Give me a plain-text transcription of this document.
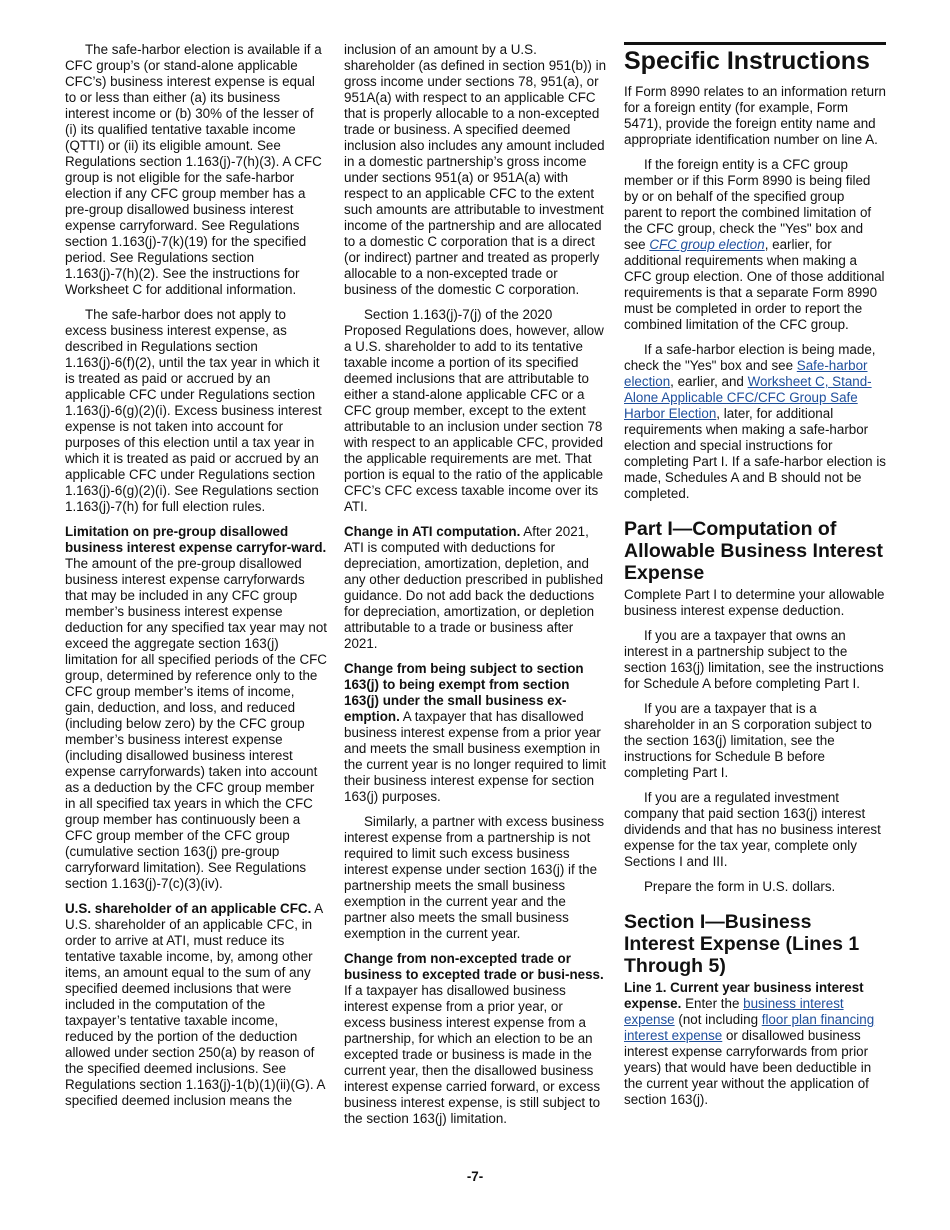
The safe-harbor election is available if a CFC group’s (or stand-alone applicable CFC’s) business interest expense is equal to or less than either (a) its business interest income or (b) 30% of the lesser of (i) its qualified tentative taxable income (QTTI) or (ii) its eligible amount. See Regulations section 1.163(j)-7(h)(3). A CFC group is not eligible for the safe-harbor election if any CFC group member has a pre-group disallowed business interest expense carryforward. See Regulations section 1.163(j)-7(k)(19) for the specified period. See Regulations section 1.163(j)-7(h)(2). See the instructions for Worksheet C for additional information.

The safe-harbor does not apply to excess business interest expense, as described in Regulations section 1.163(j)-6(f)(2), until the tax year in which it is treated as paid or accrued by an applicable CFC under Regulations section 1.163(j)-6(g)(2)(i). Excess business interest expense is not taken into account for purposes of this election until a tax year in which it is treated as paid or accrued by an applicable CFC under Regulations section 1.163(j)-6(g)(2)(i). See Regulations section 1.163(j)-7(h) for full election rules.

Limitation on pre-group disallowed business interest expense carryfor-ward. The amount of the pre-group disallowed business interest expense carryforwards that may be included in any CFC group member’s business interest expense deduction for any specified tax year may not exceed the aggregate section 163(j) limitation for all specified periods of the CFC group, determined by reference only to the CFC group member’s items of income, gain, deduction, and loss, and reduced (including below zero) by the CFC group member’s business interest expense (including disallowed business interest expense carryforwards) taken into account as a deduction by the CFC group member in all specified tax years in which the CFC group member has continuously been a CFC group member of the CFC group (cumulative section 163(j) pre-group carryforward limitation). See Regulations section 1.163(j)-7(c)(3)(iv).

U.S. shareholder of an applicable CFC. A U.S. shareholder of an applicable CFC, in order to arrive at ATI, must reduce its tentative taxable income, by, among other items, an amount equal to the sum of any specified deemed inclusions that were included in the computation of the taxpayer’s tentative taxable income, reduced by the portion of the deduction allowed under section 250(a) by reason of the specified deemed inclusions. See Regulations section 1.163(j)-1(b)(1)(ii)(G). A specified deemed inclusion means the

inclusion of an amount by a U.S. shareholder (as defined in section 951(b)) in gross income under sections 78, 951(a), or 951A(a) with respect to an applicable CFC that is properly allocable to a non-excepted trade or business. A specified deemed inclusion also includes any amount included in a domestic partnership’s gross income under sections 951(a) or 951A(a) with respect to an applicable CFC to the extent such amounts are attributable to investment income of the partnership and are allocated to a domestic C corporation that is a direct (or indirect) partner and treated as properly allocable to a non-excepted trade or business of the domestic C corporation.

Section 1.163(j)-7(j) of the 2020 Proposed Regulations does, however, allow a U.S. shareholder to add to its tentative taxable income a portion of its specified deemed inclusions that are attributable to either a stand-alone applicable CFC or a CFC group member, except to the extent attributable to an inclusion under section 78 with respect to an applicable CFC, provided the applicable requirements are met. That portion is equal to the ratio of the applicable CFC’s CFC excess taxable income over its ATI.

Change in ATI computation. After 2021, ATI is computed with deductions for depreciation, amortization, depletion, and any other deduction prescribed in published guidance. Do not add back the deductions for depreciation, amortization, or depletion attributable to a trade or business after 2021.

Change from being subject to section 163(j) to being exempt from section 163(j) under the small business ex-emption. A taxpayer that has disallowed business interest expense from a prior year and meets the small business exemption in the current year is no longer required to limit their business interest expense for section 163(j) purposes.

Similarly, a partner with excess business interest expense from a partnership is not required to limit such excess business interest expense under section 163(j) if the partnership meets the small business exemption in the current year and the partner also meets the small business exemption in the current year.

Change from non-excepted trade or business to excepted trade or busi-ness. If a taxpayer has disallowed business interest expense from a prior year, or excess business interest expense from a partnership, for which an election to be an excepted trade or business is made in the current year, then the disallowed business interest expense carried forward, or excess business interest expense, is still subject to the section 163(j) limitation.

Specific Instructions

If Form 8990 relates to an information return for a foreign entity (for example, Form 5471), provide the foreign entity name and appropriate identification number on line A.

If the foreign entity is a CFC group member or if this Form 8990 is being filed by or on behalf of the specified group parent to report the combined limitation of the CFC group, check the "Yes" box and see CFC group election, earlier, for additional requirements when making a CFC group election. One of those additional requirements is that a separate Form 8990 must be completed in order to report the combined limitation of the CFC group.

If a safe-harbor election is being made, check the "Yes" box and see Safe-harbor election, earlier, and Worksheet C, Stand-Alone Applicable CFC/CFC Group Safe Harbor Election, later, for additional requirements when making a safe-harbor election and special instructions for completing Part I. If a safe-harbor election is made, Schedules A and B should not be completed.

Part I—Computation of Allowable Business Interest Expense

Complete Part I to determine your allowable business interest expense deduction.

If you are a taxpayer that owns an interest in a partnership subject to the section 163(j) limitation, see the instructions for Schedule A before completing Part I.

If you are a taxpayer that is a shareholder in an S corporation subject to the section 163(j) limitation, see the instructions for Schedule B before completing Part I.

If you are a regulated investment company that paid section 163(j) interest dividends and that has no business interest expense for the tax year, complete only Sections I and III.

Prepare the form in U.S. dollars.

Section I—Business Interest Expense (Lines 1 Through 5)

Line 1. Current year business interest expense. Enter the business interest expense (not including floor plan financing interest expense or disallowed business interest expense carryforwards from prior years) that would have been deductible in the current year without the application of section 163(j).

-7-
